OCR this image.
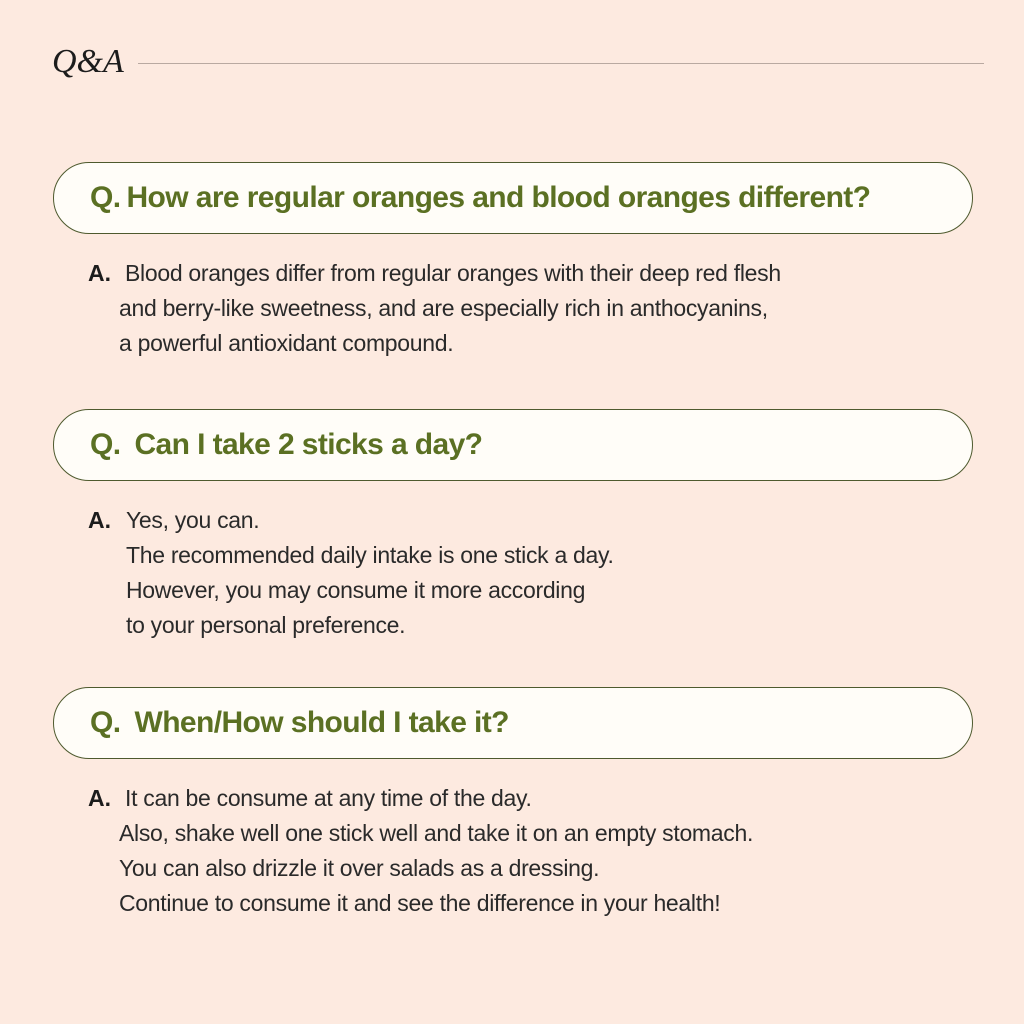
Q&A
Q. How are regular oranges and blood oranges different?
A. Blood oranges differ from regular oranges with their deep red flesh
and berry-like sweetness, and are especially rich in anthocyanins,
a powerful antioxidant compound.
Q. Can I take 2 sticks a day?
A. Yes, you can.
The recommended daily intake is one stick a day.
However, you may consume it more according
to your personal preference.
Q. When/How should I take it?
A. It can be consume at any time of the day.
Also, shake well one stick well and take it on an empty stomach.
You can also drizzle it over salads as a dressing.
Continue to consume it and see the difference in your health!
